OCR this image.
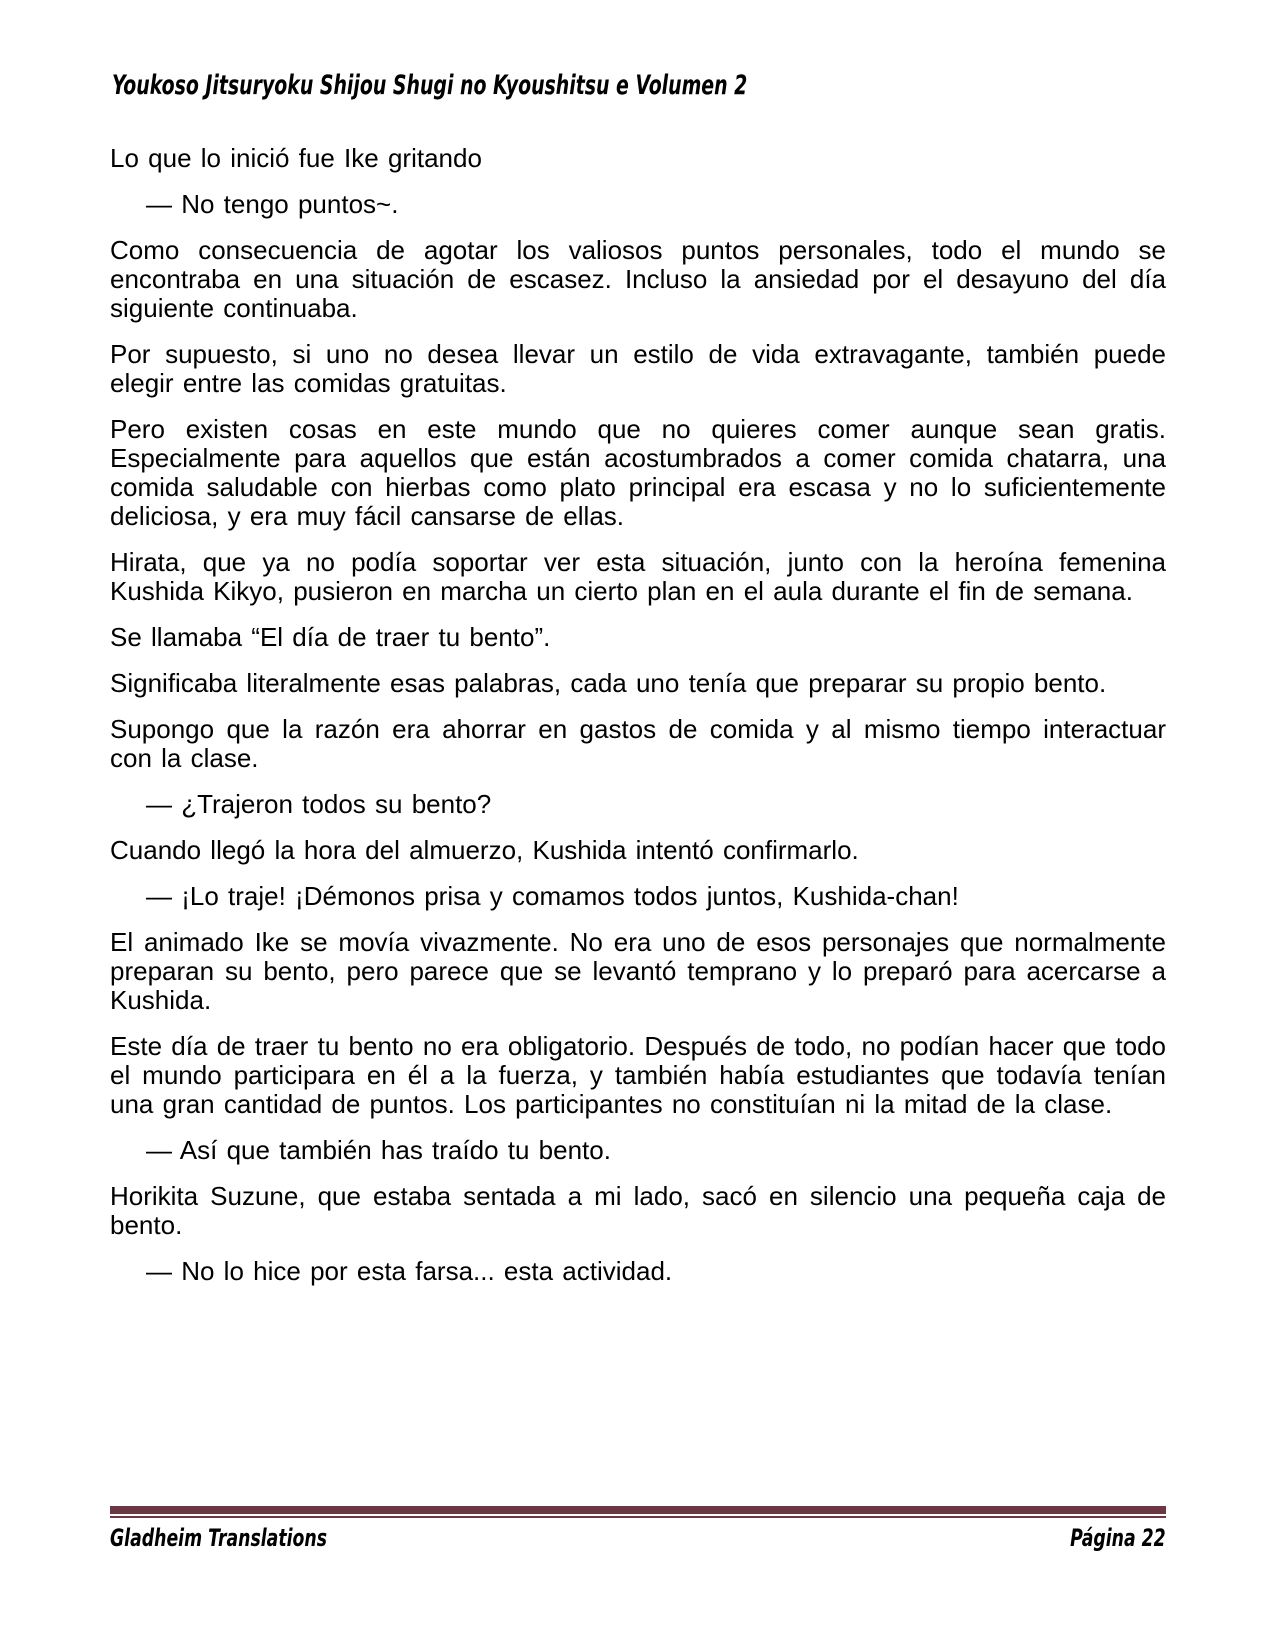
Youkoso Jitsuryoku Shijou Shugi no Kyoushitsu e Volumen 2

Lo que lo inició fue Ike gritando

— No tengo puntos~.

Como consecuencia de agotar los valiosos puntos personales, todo el mundo se encontraba en una situación de escasez. Incluso la ansiedad por el desayuno del día siguiente continuaba.

Por supuesto, si uno no desea llevar un estilo de vida extravagante, también puede elegir entre las comidas gratuitas.

Pero existen cosas en este mundo que no quieres comer aunque sean gratis. Especialmente para aquellos que están acostumbrados a comer comida chatarra, una comida saludable con hierbas como plato principal era escasa y no lo suficientemente deliciosa, y era muy fácil cansarse de ellas.

Hirata, que ya no podía soportar ver esta situación, junto con la heroína femenina Kushida Kikyo, pusieron en marcha un cierto plan en el aula durante el fin de semana.

Se llamaba “El día de traer tu bento”.

Significaba literalmente esas palabras, cada uno tenía que preparar su propio bento.

Supongo que la razón era ahorrar en gastos de comida y al mismo tiempo interactuar con la clase.

— ¿Trajeron todos su bento?

Cuando llegó la hora del almuerzo, Kushida intentó confirmarlo.

— ¡Lo traje! ¡Démonos prisa y comamos todos juntos, Kushida-chan!

El animado Ike se movía vivazmente. No era uno de esos personajes que normalmente preparan su bento, pero parece que se levantó temprano y lo preparó para acercarse a Kushida.

Este día de traer tu bento no era obligatorio. Después de todo, no podían hacer que todo el mundo participara en él a la fuerza, y también había estudiantes que todavía tenían una gran cantidad de puntos. Los participantes no constituían ni la mitad de la clase.

— Así que también has traído tu bento.

Horikita Suzune, que estaba sentada a mi lado, sacó en silencio una pequeña caja de bento.

— No lo hice por esta farsa... esta actividad.

Gladheim Translations	Página 22
